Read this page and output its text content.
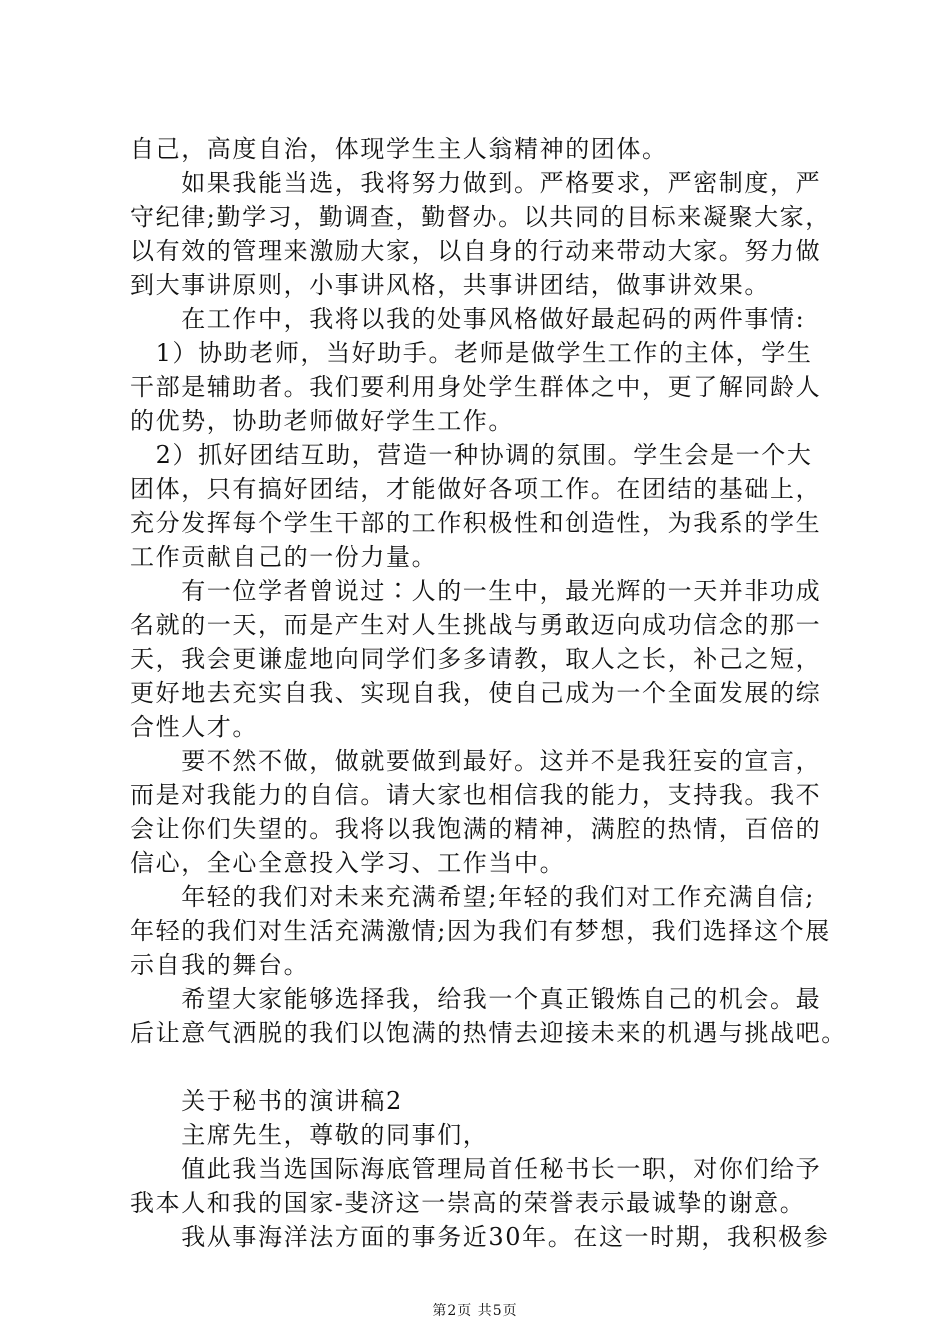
自己，高度自治，体现学生主人翁精神的团体。
　　如果我能当选，我将努力做到。严格要求，严密制度，严
守纪律;勤学习，勤调查，勤督办。以共同的目标来凝聚大家，
以有效的管理来激励大家，以自身的行动来带动大家。努力做
到大事讲原则，小事讲风格，共事讲团结，做事讲效果。
　　在工作中，我将以我的处事风格做好最起码的两件事情:
　1）协助老师，当好助手。老师是做学生工作的主体，学生
干部是辅助者。我们要利用身处学生群体之中，更了解同龄人
的优势，协助老师做好学生工作。
　2）抓好团结互助，营造一种协调的氛围。学生会是一个大
团体，只有搞好团结，才能做好各项工作。在团结的基础上，
充分发挥每个学生干部的工作积极性和创造性，为我系的学生
工作贡献自己的一份力量。
　　有一位学者曾说过∶人的一生中，最光辉的一天并非功成
名就的一天，而是产生对人生挑战与勇敢迈向成功信念的那一
天，我会更谦虚地向同学们多多请教，取人之长，补己之短，
更好地去充实自我、实现自我，使自己成为一个全面发展的综
合性人才。
　　要不然不做，做就要做到最好。这并不是我狂妄的宣言，
而是对我能力的自信。请大家也相信我的能力，支持我。我不
会让你们失望的。我将以我饱满的精神，满腔的热情，百倍的
信心，全心全意投入学习、工作当中。
　　年轻的我们对未来充满希望;年轻的我们对工作充满自信;
年轻的我们对生活充满激情;因为我们有梦想，我们选择这个展
示自我的舞台。
　　希望大家能够选择我，给我一个真正锻炼自己的机会。最
后让意气洒脱的我们以饱满的热情去迎接未来的机遇与挑战吧。
　　关于秘书的演讲稿2
　　主席先生，尊敬的同事们，
　　值此我当选国际海底管理局首任秘书长一职，对你们给予
我本人和我的国家-斐济这一崇高的荣誉表示最诚挚的谢意。
　　我从事海洋法方面的事务近30年。在这一时期，我积极参
第2页 共5页
